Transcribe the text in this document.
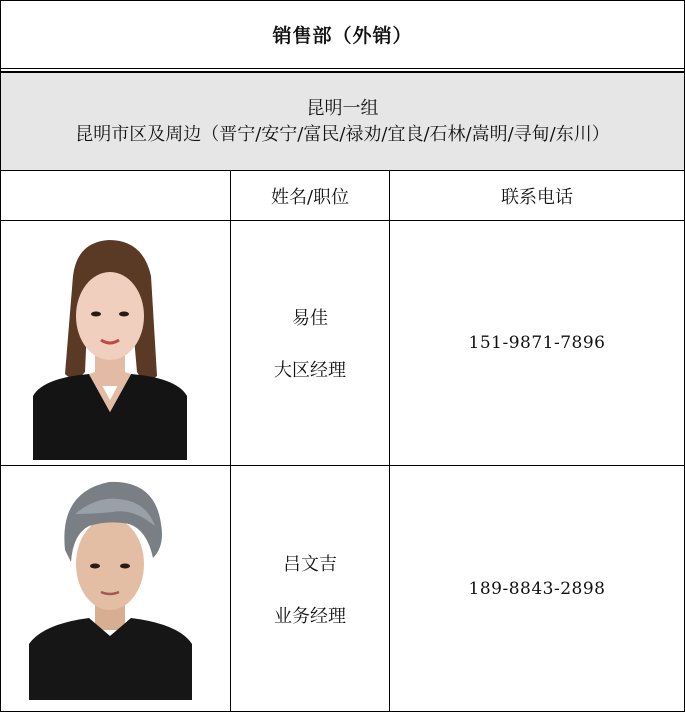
销售部（外销）
昆明一组
昆明市区及周边（晋宁/安宁/富民/禄劝/宜良/石林/嵩明/寻甸/东川）
姓名/职位	联系电话
易佳
大区经理
151-9871-7896
吕文吉
业务经理
189-8843-2898
